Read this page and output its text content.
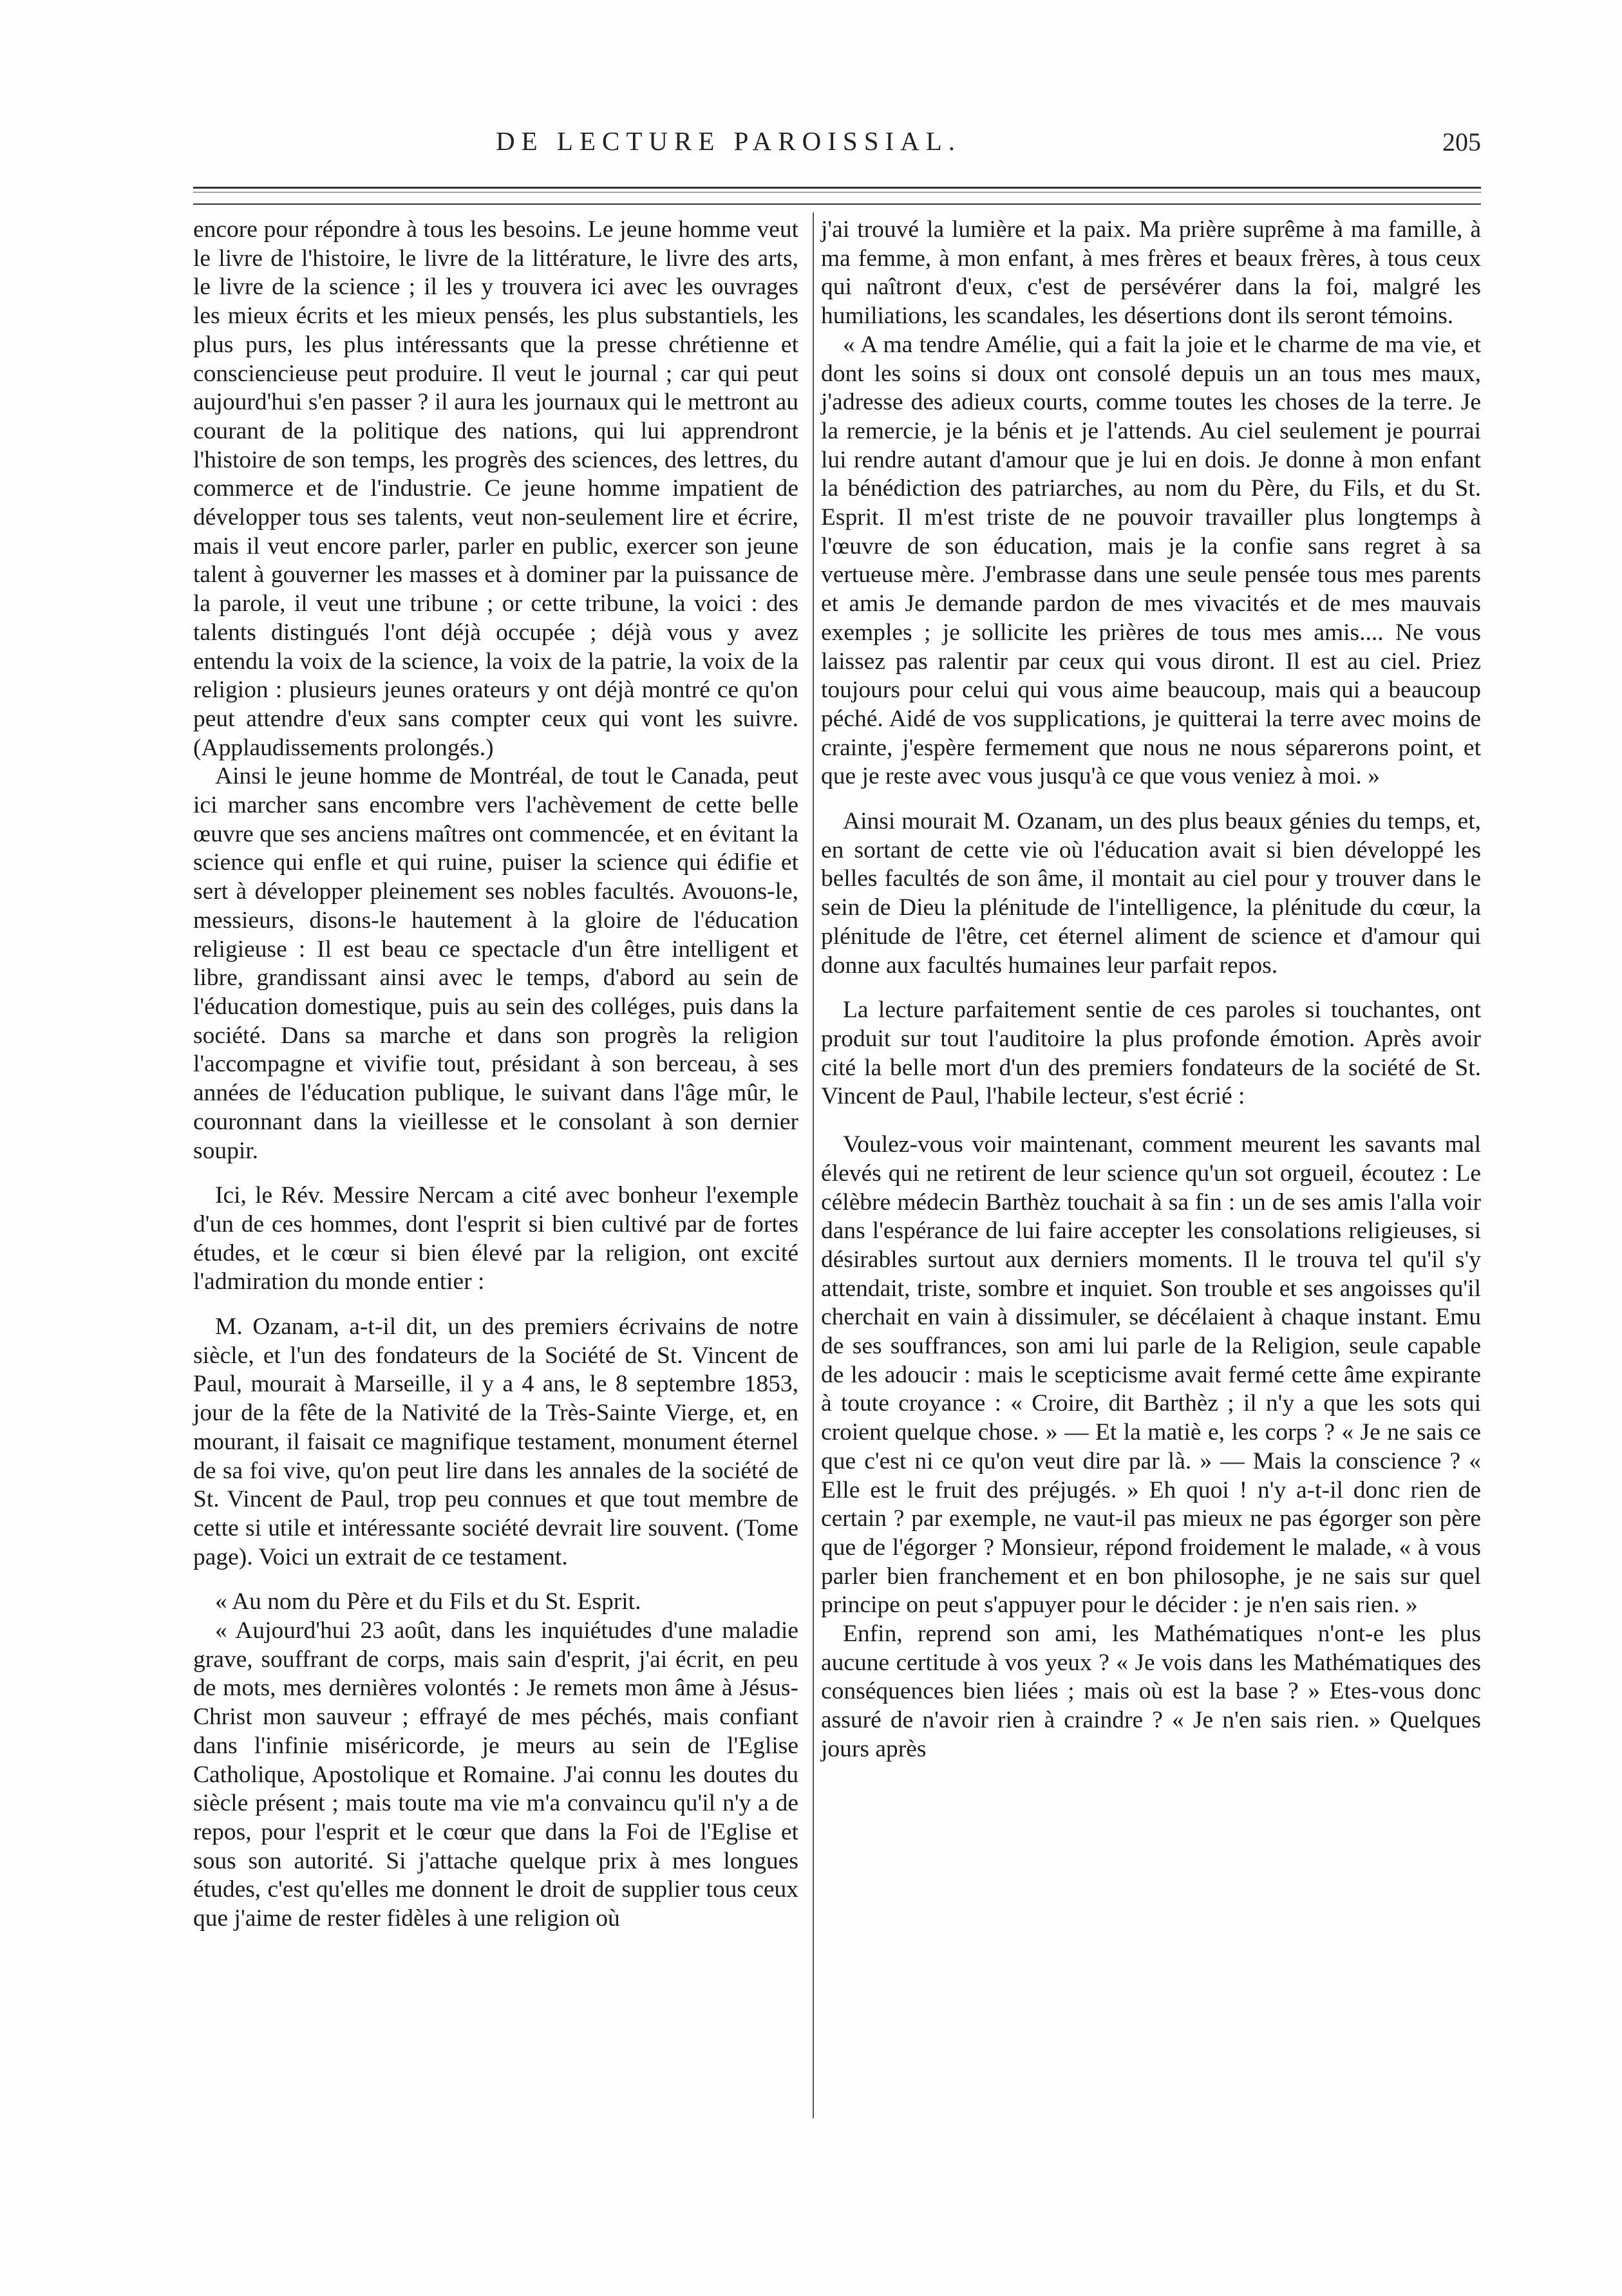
DE LECTURE PAROISSIAL.	205

encore pour répondre à tous les besoins. Le jeune homme veut le livre de l'histoire, le livre de la littérature, le livre des arts, le livre de la science ; il les y trouvera ici avec les ouvrages les mieux écrits et les mieux pensés, les plus substantiels, les plus purs, les plus intéressants que la presse chrétienne et consciencieuse peut produire. Il veut le journal ; car qui peut aujourd'hui s'en passer ? il aura les journaux qui le mettront au courant de la politique des nations, qui lui apprendront l'histoire de son temps, les progrès des sciences, des lettres, du commerce et de l'industrie. Ce jeune homme impatient de développer tous ses talents, veut non-seulement lire et écrire, mais il veut encore parler, parler en public, exercer son jeune talent à gouverner les masses et à dominer par la puissance de la parole, il veut une tribune ; or cette tribune, la voici : des talents distingués l'ont déjà occupée ; déjà vous y avez entendu la voix de la science, la voix de la patrie, la voix de la religion : plusieurs jeunes orateurs y ont déjà montré ce qu'on peut attendre d'eux sans compter ceux qui vont les suivre. (Applaudissements prolongés.)

Ainsi le jeune homme de Montréal, de tout le Canada, peut ici marcher sans encombre vers l'achèvement de cette belle œuvre que ses anciens maîtres ont commencée, et en évitant la science qui enfle et qui ruine, puiser la science qui édifie et sert à développer pleinement ses nobles facultés. Avouons-le, messieurs, disons-le hautement à la gloire de l'éducation religieuse : Il est beau ce spectacle d'un être intelligent et libre, grandissant ainsi avec le temps, d'abord au sein de l'éducation domestique, puis au sein des colléges, puis dans la société. Dans sa marche et dans son progrès la religion l'accompagne et vivifie tout, présidant à son berceau, à ses années de l'éducation publique, le suivant dans l'âge mûr, le couronnant dans la vieillesse et le consolant à son dernier soupir.

Ici, le Rév. Messire Nercam a cité avec bonheur l'exemple d'un de ces hommes, dont l'esprit si bien cultivé par de fortes études, et le cœur si bien élevé par la religion, ont excité l'admiration du monde entier :

M. Ozanam, a-t-il dit, un des premiers écrivains de notre siècle, et l'un des fondateurs de la Société de St. Vincent de Paul, mourait à Marseille, il y a 4 ans, le 8 septembre 1853, jour de la fête de la Nativité de la Très-Sainte Vierge, et, en mourant, il faisait ce magnifique testament, monument éternel de sa foi vive, qu'on peut lire dans les annales de la société de St. Vincent de Paul, trop peu connues et que tout membre de cette si utile et intéressante société devrait lire souvent. (Tome page). Voici un extrait de ce testament.

« Au nom du Père et du Fils et du St. Esprit.

« Aujourd'hui 23 août, dans les inquiétudes d'une maladie grave, souffrant de corps, mais sain d'esprit, j'ai écrit, en peu de mots, mes dernières volontés : Je remets mon âme à Jésus-Christ mon sauveur ; effrayé de mes péchés, mais confiant dans l'infinie miséricorde, je meurs au sein de l'Eglise Catholique, Apostolique et Romaine. J'ai connu les doutes du siècle présent ; mais toute ma vie m'a convaincu qu'il n'y a de repos, pour l'esprit et le cœur que dans la Foi de l'Eglise et sous son autorité. Si j'attache quelque prix à mes longues études, c'est qu'elles me donnent le droit de supplier tous ceux que j'aime de rester fidèles à une religion où

j'ai trouvé la lumière et la paix. Ma prière suprême à ma famille, à ma femme, à mon enfant, à mes frères et beaux frères, à tous ceux qui naîtront d'eux, c'est de persévérer dans la foi, malgré les humiliations, les scandales, les désertions dont ils seront témoins.

« A ma tendre Amélie, qui a fait la joie et le charme de ma vie, et dont les soins si doux ont consolé depuis un an tous mes maux, j'adresse des adieux courts, comme toutes les choses de la terre. Je la remercie, je la bénis et je l'attends. Au ciel seulement je pourrai lui rendre autant d'amour que je lui en dois. Je donne à mon enfant la bénédiction des patriarches, au nom du Père, du Fils, et du St. Esprit. Il m'est triste de ne pouvoir travailler plus longtemps à l'œuvre de son éducation, mais je la confie sans regret à sa vertueuse mère. J'embrasse dans une seule pensée tous mes parents et amis Je demande pardon de mes vivacités et de mes mauvais exemples ; je sollicite les prières de tous mes amis.... Ne vous laissez pas ralentir par ceux qui vous diront. Il est au ciel. Priez toujours pour celui qui vous aime beaucoup, mais qui a beaucoup péché. Aidé de vos supplications, je quitterai la terre avec moins de crainte, j'espère fermement que nous ne nous séparerons point, et que je reste avec vous jusqu'à ce que vous veniez à moi. »

Ainsi mourait M. Ozanam, un des plus beaux génies du temps, et, en sortant de cette vie où l'éducation avait si bien développé les belles facultés de son âme, il montait au ciel pour y trouver dans le sein de Dieu la plénitude de l'intelligence, la plénitude du cœur, la plénitude de l'être, cet éternel aliment de science et d'amour qui donne aux facultés humaines leur parfait repos.

La lecture parfaitement sentie de ces paroles si touchantes, ont produit sur tout l'auditoire la plus profonde émotion. Après avoir cité la belle mort d'un des premiers fondateurs de la société de St. Vincent de Paul, l'habile lecteur, s'est écrié :

Voulez-vous voir maintenant, comment meurent les savants mal élevés qui ne retirent de leur science qu'un sot orgueil, écoutez : Le célèbre médecin Barthèz touchait à sa fin : un de ses amis l'alla voir dans l'espérance de lui faire accepter les consolations religieuses, si désirables surtout aux derniers moments. Il le trouva tel qu'il s'y attendait, triste, sombre et inquiet. Son trouble et ses angoisses qu'il cherchait en vain à dissimuler, se décélaient à chaque instant. Emu de ses souffrances, son ami lui parle de la Religion, seule capable de les adoucir : mais le scepticisme avait fermé cette âme expirante à toute croyance : « Croire, dit Barthèz ; il n'y a que les sots qui croient quelque chose. » — Et la matiè e, les corps ? « Je ne sais ce que c'est ni ce qu'on veut dire par là. » — Mais la conscience ? « Elle est le fruit des préjugés. » Eh quoi ! n'y a-t-il donc rien de certain ? par exemple, ne vaut-il pas mieux ne pas égorger son père que de l'égorger ? Monsieur, répond froidement le malade, « à vous parler bien franchement et en bon philosophe, je ne sais sur quel principe on peut s'appuyer pour le décider : je n'en sais rien. »

Enfin, reprend son ami, les Mathématiques n'ont-e les plus aucune certitude à vos yeux ? « Je vois dans les Mathématiques des conséquences bien liées ; mais où est la base ? » Etes-vous donc assuré de n'avoir rien à craindre ? « Je n'en sais rien. » Quelques jours après
